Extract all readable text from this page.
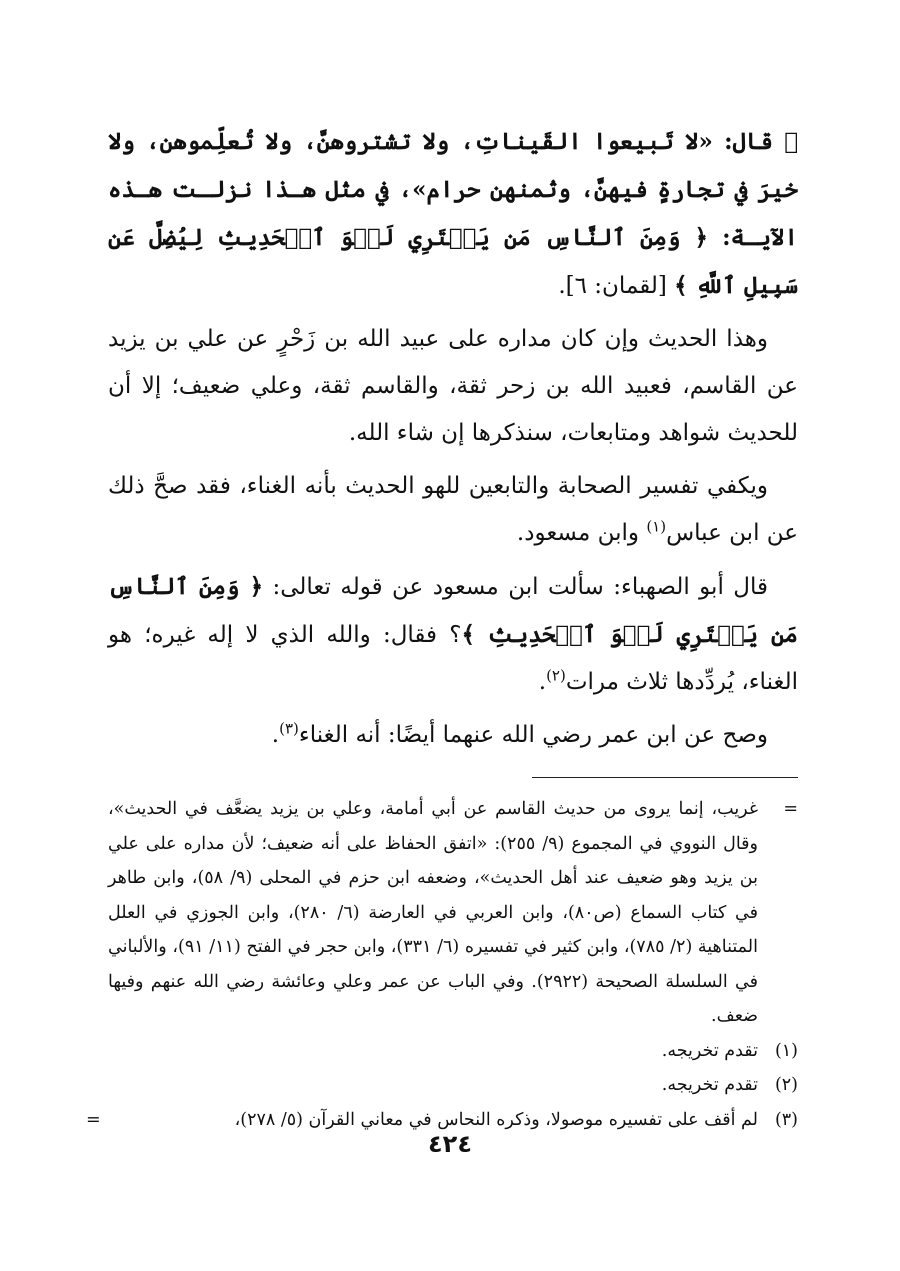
ﷺ قال: «لا تَبيعوا القَيناتِ، ولا تشتروهنَّ، ولا تُعلِّموهن، ولا خيرَ في تجارةٍ فيهنَّ، وثمنهن حرام»، في مثل هـذا نزلـت هـذه الآيـة: ﴿ وَمِنَ ٱلنَّاسِ مَن يَشۡتَرِي لَهۡوَ ٱلۡحَدِيثِ لِيُضِلَّ عَن سَبِيلِ ٱللَّهِ ﴾ [لقمان: ٦].

وهذا الحديث وإن كان مداره على عبيد الله بن زَحْرٍ عن علي بن يزيد عن القاسم، فعبيد الله بن زحر ثقة، والقاسم ثقة، وعلي ضعيف؛ إلا أن للحديث شواهد ومتابعات، سنذكرها إن شاء الله.

ويكفي تفسير الصحابة والتابعين للهو الحديث بأنه الغناء، فقد صحَّ ذلك عن ابن عباس$^{(١)}$ وابن مسعود.

قال أبو الصهباء: سألت ابن مسعود عن قوله تعالى: ﴿ وَمِنَ ٱلنَّاسِ مَن يَشۡتَرِي لَهۡوَ ٱلۡحَدِيثِ ﴾؟ فقال: والله الذي لا إله غيره؛ هو الغناء، يُردِّدها ثلاث مرات$^{(٢)}$.

وصح عن ابن عمر رضي الله عنهما أيضًا: أنه الغناء$^{(٣)}$.

=
غريب، إنما يروى من حديث القاسم عن أبي أمامة، وعلي بن يزيد يضعَّف في الحديث»، وقال النووي في المجموع (٩/ ٢٥٥): «اتفق الحفاظ على أنه ضعيف؛ لأن مداره على علي بن يزيد وهو ضعيف عند أهل الحديث»، وضعفه ابن حزم في المحلى (٩/ ٥٨)، وابن طاهر في كتاب السماع (ص٨٠)، وابن العربي في العارضة (٦/ ٢٨٠)، وابن الجوزي في العلل المتناهية (٢/ ٧٨٥)، وابن كثير في تفسيره (٦/ ٣٣١)، وابن حجر في الفتح (١١/ ٩١)، والألباني في السلسلة الصحيحة (٢٩٢٢). وفي الباب عن عمر وعلي وعائشة رضي الله عنهم وفيها ضعف.

(١)
تقدم تخريجه.

(٢)
تقدم تخريجه.

(٣)
لم أقف على تفسيره موصولا، وذكره النحاس في معاني القرآن (٥/ ٢٧٨)،
=

٤٢٤
